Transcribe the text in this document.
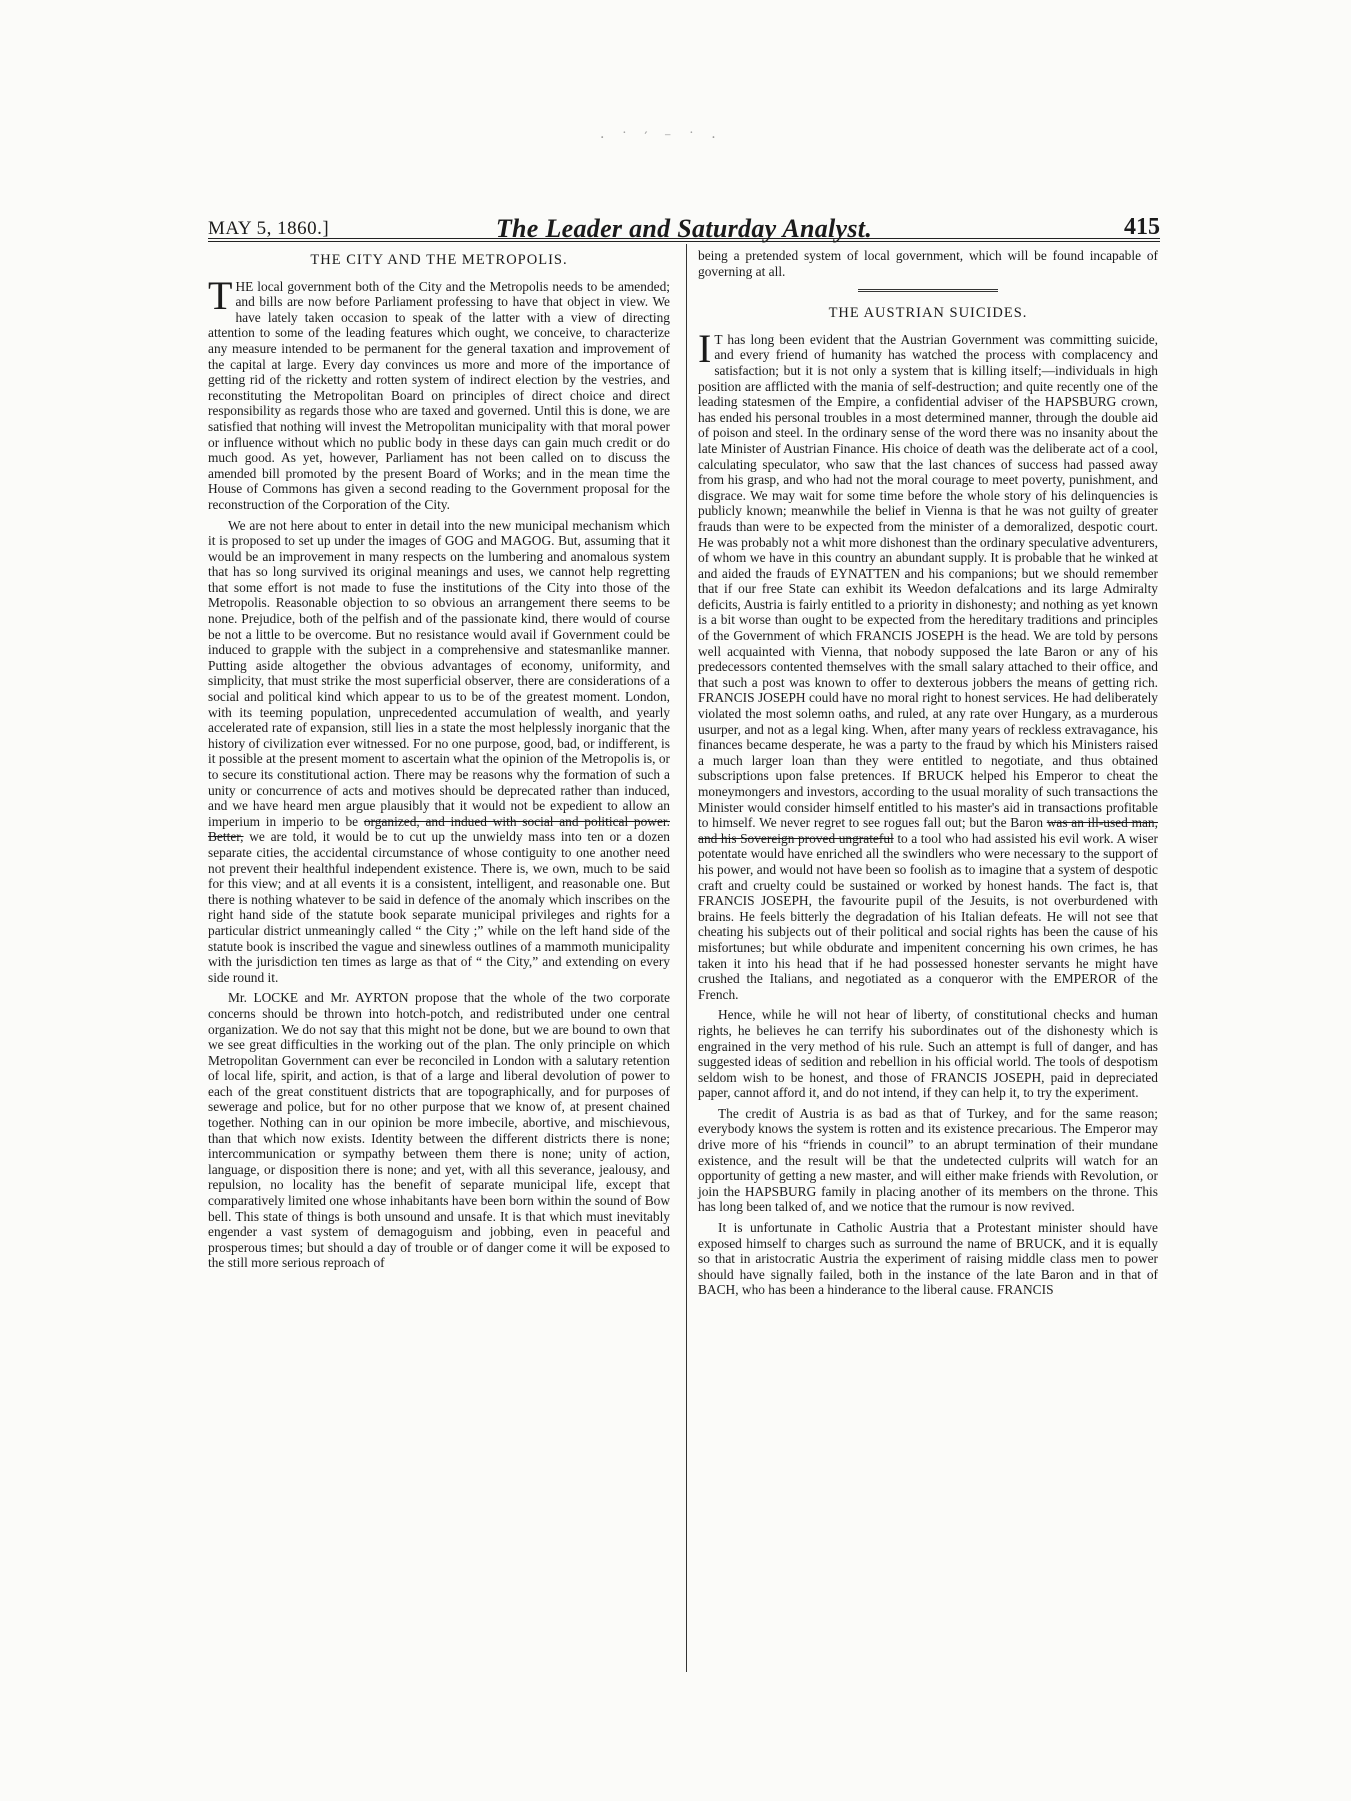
· ˙ ′ ⁻ ˙ ·
MAY 5, 1860.]	The Leader and Saturday Analyst.	415
THE CITY AND THE METROPOLIS.

THE local government both of the City and the Metropolis needs to be amended; and bills are now before Parliament professing to have that object in view. We have lately taken occasion to speak of the latter with a view of directing attention to some of the leading features which ought, we conceive, to characterize any measure intended to be permanent for the general taxation and improvement of the capital at large. Every day convinces us more and more of the importance of getting rid of the ricketty and rotten system of indirect election by the vestries, and reconstituting the Metropolitan Board on principles of direct choice and direct responsibility as regards those who are taxed and governed. Until this is done, we are satisfied that nothing will invest the Metropolitan municipality with that moral power or influence without which no public body in these days can gain much credit or do much good. As yet, however, Parliament has not been called on to discuss the amended bill promoted by the present Board of Works; and in the mean time the House of Commons has given a second reading to the Government proposal for the reconstruction of the Corporation of the City.

We are not here about to enter in detail into the new municipal mechanism which it is proposed to set up under the images of GOG and MAGOG. But, assuming that it would be an improvement in many respects on the lumbering and anomalous system that has so long survived its original meanings and uses, we cannot help regretting that some effort is not made to fuse the institutions of the City into those of the Metropolis. Reasonable objection to so obvious an arrangement there seems to be none. Prejudice, both of the pelfish and of the passionate kind, there would of course be not a little to be overcome. But no resistance would avail if Government could be induced to grapple with the subject in a comprehensive and statesmanlike manner. Putting aside altogether the obvious advantages of economy, uniformity, and simplicity, that must strike the most superficial observer, there are considerations of a social and political kind which appear to us to be of the greatest moment. London, with its teeming population, unprecedented accumulation of wealth, and yearly accelerated rate of expansion, still lies in a state the most helplessly inorganic that the history of civilization ever witnessed. For no one purpose, good, bad, or indifferent, is it possible at the present moment to ascertain what the opinion of the Metropolis is, or to secure its constitutional action. There may be reasons why the formation of such a unity or concurrence of acts and motives should be deprecated rather than induced, and we have heard men argue plausibly that it would not be expedient to allow an imperium in imperio to be organized, and indued with social and political power. Better, we are told, it would be to cut up the unwieldy mass into ten or a dozen separate cities, the accidental circumstance of whose contiguity to one another need not prevent their healthful independent existence. There is, we own, much to be said for this view; and at all events it is a consistent, intelligent, and reasonable one. But there is nothing whatever to be said in defence of the anomaly which inscribes on the right hand side of the statute book separate municipal privileges and rights for a particular district unmeaningly called “ the City ;” while on the left hand side of the statute book is inscribed the vague and sinewless outlines of a mammoth municipality with the jurisdiction ten times as large as that of “ the City,” and extending on every side round it.

Mr. LOCKE and Mr. AYRTON propose that the whole of the two corporate concerns should be thrown into hotch-potch, and redistributed under one central organization. We do not say that this might not be done, but we are bound to own that we see great difficulties in the working out of the plan. The only principle on which Metropolitan Government can ever be reconciled in London with a salutary retention of local life, spirit, and action, is that of a large and liberal devolution of power to each of the great constituent districts that are topographically, and for purposes of sewerage and police, but for no other purpose that we know of, at present chained together. Nothing can in our opinion be more imbecile, abortive, and mischievous, than that which now exists. Identity between the different districts there is none; intercommunication or sympathy between them there is none; unity of action, language, or disposition there is none; and yet, with all this severance, jealousy, and repulsion, no locality has the benefit of separate municipal life, except that comparatively limited one whose inhabitants have been born within the sound of Bow bell. This state of things is both unsound and unsafe. It is that which must inevitably engender a vast system of demagoguism and jobbing, even in peaceful and prosperous times; but should a day of trouble or of danger come it will be exposed to the still more serious reproach of

being a pretended system of local government, which will be found incapable of governing at all.

THE AUSTRIAN SUICIDES.

I T has long been evident that the Austrian Government was committing suicide, and every friend of humanity has watched the process with complacency and satisfaction; but it is not only a system that is killing itself;—individuals in high position are afflicted with the mania of self-destruction; and quite recently one of the leading statesmen of the Empire, a confidential adviser of the HAPSBURG crown, has ended his personal troubles in a most determined manner, through the double aid of poison and steel. In the ordinary sense of the word there was no insanity about the late Minister of Austrian Finance. His choice of death was the deliberate act of a cool, calculating speculator, who saw that the last chances of success had passed away from his grasp, and who had not the moral courage to meet poverty, punishment, and disgrace. We may wait for some time before the whole story of his delinquencies is publicly known; meanwhile the belief in Vienna is that he was not guilty of greater frauds than were to be expected from the minister of a demoralized, despotic court. He was probably not a whit more dishonest than the ordinary speculative adventurers, of whom we have in this country an abundant supply. It is probable that he winked at and aided the frauds of EYNATTEN and his companions; but we should remember that if our free State can exhibit its Weedon defalcations and its large Admiralty deficits, Austria is fairly entitled to a priority in dishonesty; and nothing as yet known is a bit worse than ought to be expected from the hereditary traditions and principles of the Government of which FRANCIS JOSEPH is the head. We are told by persons well acquainted with Vienna, that nobody supposed the late Baron or any of his predecessors contented themselves with the small salary attached to their office, and that such a post was known to offer to dexterous jobbers the means of getting rich. FRANCIS JOSEPH could have no moral right to honest services. He had deliberately violated the most solemn oaths, and ruled, at any rate over Hungary, as a murderous usurper, and not as a legal king. When, after many years of reckless extravagance, his finances became desperate, he was a party to the fraud by which his Ministers raised a much larger loan than they were entitled to negotiate, and thus obtained subscriptions upon false pretences. If BRUCK helped his Emperor to cheat the moneymongers and investors, according to the usual morality of such transactions the Minister would consider himself entitled to his master's aid in transactions profitable to himself. We never regret to see rogues fall out; but the Baron was an ill-used man, and his Sovereign proved ungrateful to a tool who had assisted his evil work. A wiser potentate would have enriched all the swindlers who were necessary to the support of his power, and would not have been so foolish as to imagine that a system of despotic craft and cruelty could be sustained or worked by honest hands. The fact is, that FRANCIS JOSEPH, the favourite pupil of the Jesuits, is not overburdened with brains. He feels bitterly the degradation of his Italian defeats. He will not see that cheating his subjects out of their political and social rights has been the cause of his misfortunes; but while obdurate and impenitent concerning his own crimes, he has taken it into his head that if he had possessed honester servants he might have crushed the Italians, and negotiated as a conqueror with the EMPEROR of the French.

Hence, while he will not hear of liberty, of constitutional checks and human rights, he believes he can terrify his subordinates out of the dishonesty which is engrained in the very method of his rule. Such an attempt is full of danger, and has suggested ideas of sedition and rebellion in his official world. The tools of despotism seldom wish to be honest, and those of FRANCIS JOSEPH, paid in depreciated paper, cannot afford it, and do not intend, if they can help it, to try the experiment.

The credit of Austria is as bad as that of Turkey, and for the same reason; everybody knows the system is rotten and its existence precarious. The Emperor may drive more of his “friends in council” to an abrupt termination of their mundane existence, and the result will be that the undetected culprits will watch for an opportunity of getting a new master, and will either make friends with Revolution, or join the HAPSBURG family in placing another of its members on the throne. This has long been talked of, and we notice that the rumour is now revived.

It is unfortunate in Catholic Austria that a Protestant minister should have exposed himself to charges such as surround the name of BRUCK, and it is equally so that in aristocratic Austria the experiment of raising middle class men to power should have signally failed, both in the instance of the late Baron and in that of BACH, who has been a hinderance to the liberal cause. FRANCIS
